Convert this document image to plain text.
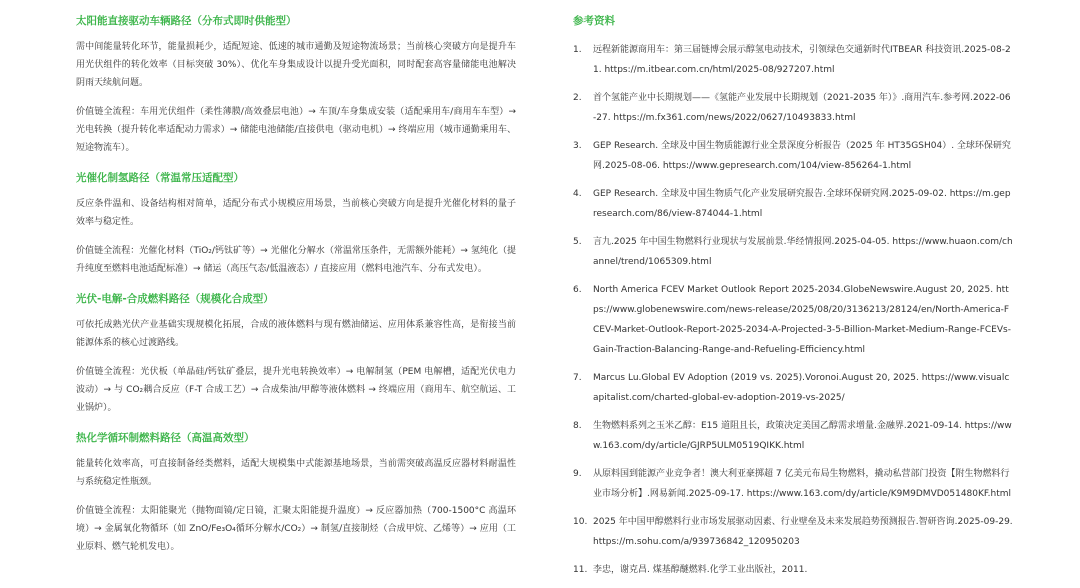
太阳能直接驱动车辆路径（分布式即时供能型）

需中间能量转化环节，能量损耗少，适配短途、低速的城市通勤及短途物流场景；当前核心突破方向是提升车用光伏组件的转化效率（目标突破 30%）、优化车身集成设计以提升受光面积，同时配套高容量储能电池解决阴雨天续航问题。

价值链全流程：车用光伏组件（柔性薄膜/高效叠层电池）→ 车顶/车身集成安装（适配乘用车/商用车车型）→ 光电转换（提升转化率适配动力需求）→ 储能电池储能/直接供电（驱动电机）→ 终端应用（城市通勤乘用车、短途物流车）。

光催化制氢路径（常温常压适配型）

反应条件温和、设备结构相对简单，适配分布式小规模应用场景，当前核心突破方向是提升光催化材料的量子效率与稳定性。

价值链全流程：光催化材料（TiO₂/钙钛矿等）→ 光催化分解水（常温常压条件，无需额外能耗）→ 氢纯化（提升纯度至燃料电池适配标准）→ 储运（高压气态/低温液态）/ 直接应用（燃料电池汽车、分布式发电）。

光伏-电解-合成燃料路径（规模化合成型）

可依托成熟光伏产业基础实现规模化拓展，合成的液体燃料与现有燃油储运、应用体系兼容性高，是衔接当前能源体系的核心过渡路线。

价值链全流程：光伏板（单晶硅/钙钛矿叠层，提升光电转换效率）→ 电解制氢（PEM 电解槽，适配光伏电力波动）→ 与 CO₂耦合反应（F-T 合成工艺）→ 合成柴油/甲醇等液体燃料 → 终端应用（商用车、航空航运、工业锅炉）。

热化学循环制燃料路径（高温高效型）

能量转化效率高，可直接制备经类燃料，适配大规模集中式能源基地场景，当前需突破高温反应器材料耐温性与系统稳定性瓶颈。

价值链全流程：太阳能聚光（抛物面镜/定日镜，汇聚太阳能提升温度）→ 反应器加热（700-1500°C 高温环境）→ 金属氧化物循环（如 ZnO/Fe₃O₄循环分解水/CO₂）→ 制氢/直接制烃（合成甲烷、乙烯等）→ 应用（工业原料、燃气轮机发电）。

参考资料

1. 远程新能源商用车：第三届链博会展示醇氢电动技术，引领绿色交通新时代ITBEAR 科技资讯.2025-08-21. https://m.itbear.com.cn/html/2025-08/927207.html
2. 首个氢能产业中长期规划——《氢能产业发展中长期规划（2021-2035 年）》.商用汽车.参考网.2022-06-27. https://m.fx361.com/news/2022/0627/10493833.html
3. GEP Research. 全球及中国生物质能源行业全景深度分析报告（2025 年 HT35GSH04）. 全球环保研究网.2025-08-06. https://www.gepresearch.com/104/view-856264-1.html
4. GEP Research. 全球及中国生物质气化产业发展研究报告.全球环保研究网.2025-09-02. https://m.gepresearch.com/86/view-874044-1.html
5. 言九.2025 年中国生物燃料行业现状与发展前景.华经情报网.2025-04-05. https://www.huaon.com/channel/trend/1065309.html
6. North America FCEV Market Outlook Report 2025-2034.GlobeNewswire.August 20, 2025. https://www.globenewswire.com/news-release/2025/08/20/3136213/28124/en/North-America-FCEV-Market-Outlook-Report-2025-2034-A-Projected-3-5-Billion-Market-Medium-Range-FCEVs-Gain-Traction-Balancing-Range-and-Refueling-Efficiency.html
7. Marcus Lu.Global EV Adoption (2019 vs. 2025).Voronoi.August 20, 2025. https://www.visualcapitalist.com/charted-global-ev-adoption-2019-vs-2025/
8. 生物燃料系列之玉米乙醇：E15 道阻且长，政策决定美国乙醇需求增量.金融界.2021-09-14. https://www.163.com/dy/article/GJRP5ULM0519QIKK.html
9. 从原料国到能源产业竞争者！澳大利亚豪掷超 7 亿美元布局生物燃料，撬动私营部门投资【附生物燃料行业市场分析】.网易新闻.2025-09-17. https://www.163.com/dy/article/K9M9DMVD051480KF.html
10. 2025 年中国甲醇燃料行业市场发展驱动因素、行业壁垒及未来发展趋势预测报告.智研咨询.2025-09-29. https://m.sohu.com/a/939736842_120950203
11. 李忠，谢克昌. 煤基醇醚燃料.化学工业出版社，2011.
